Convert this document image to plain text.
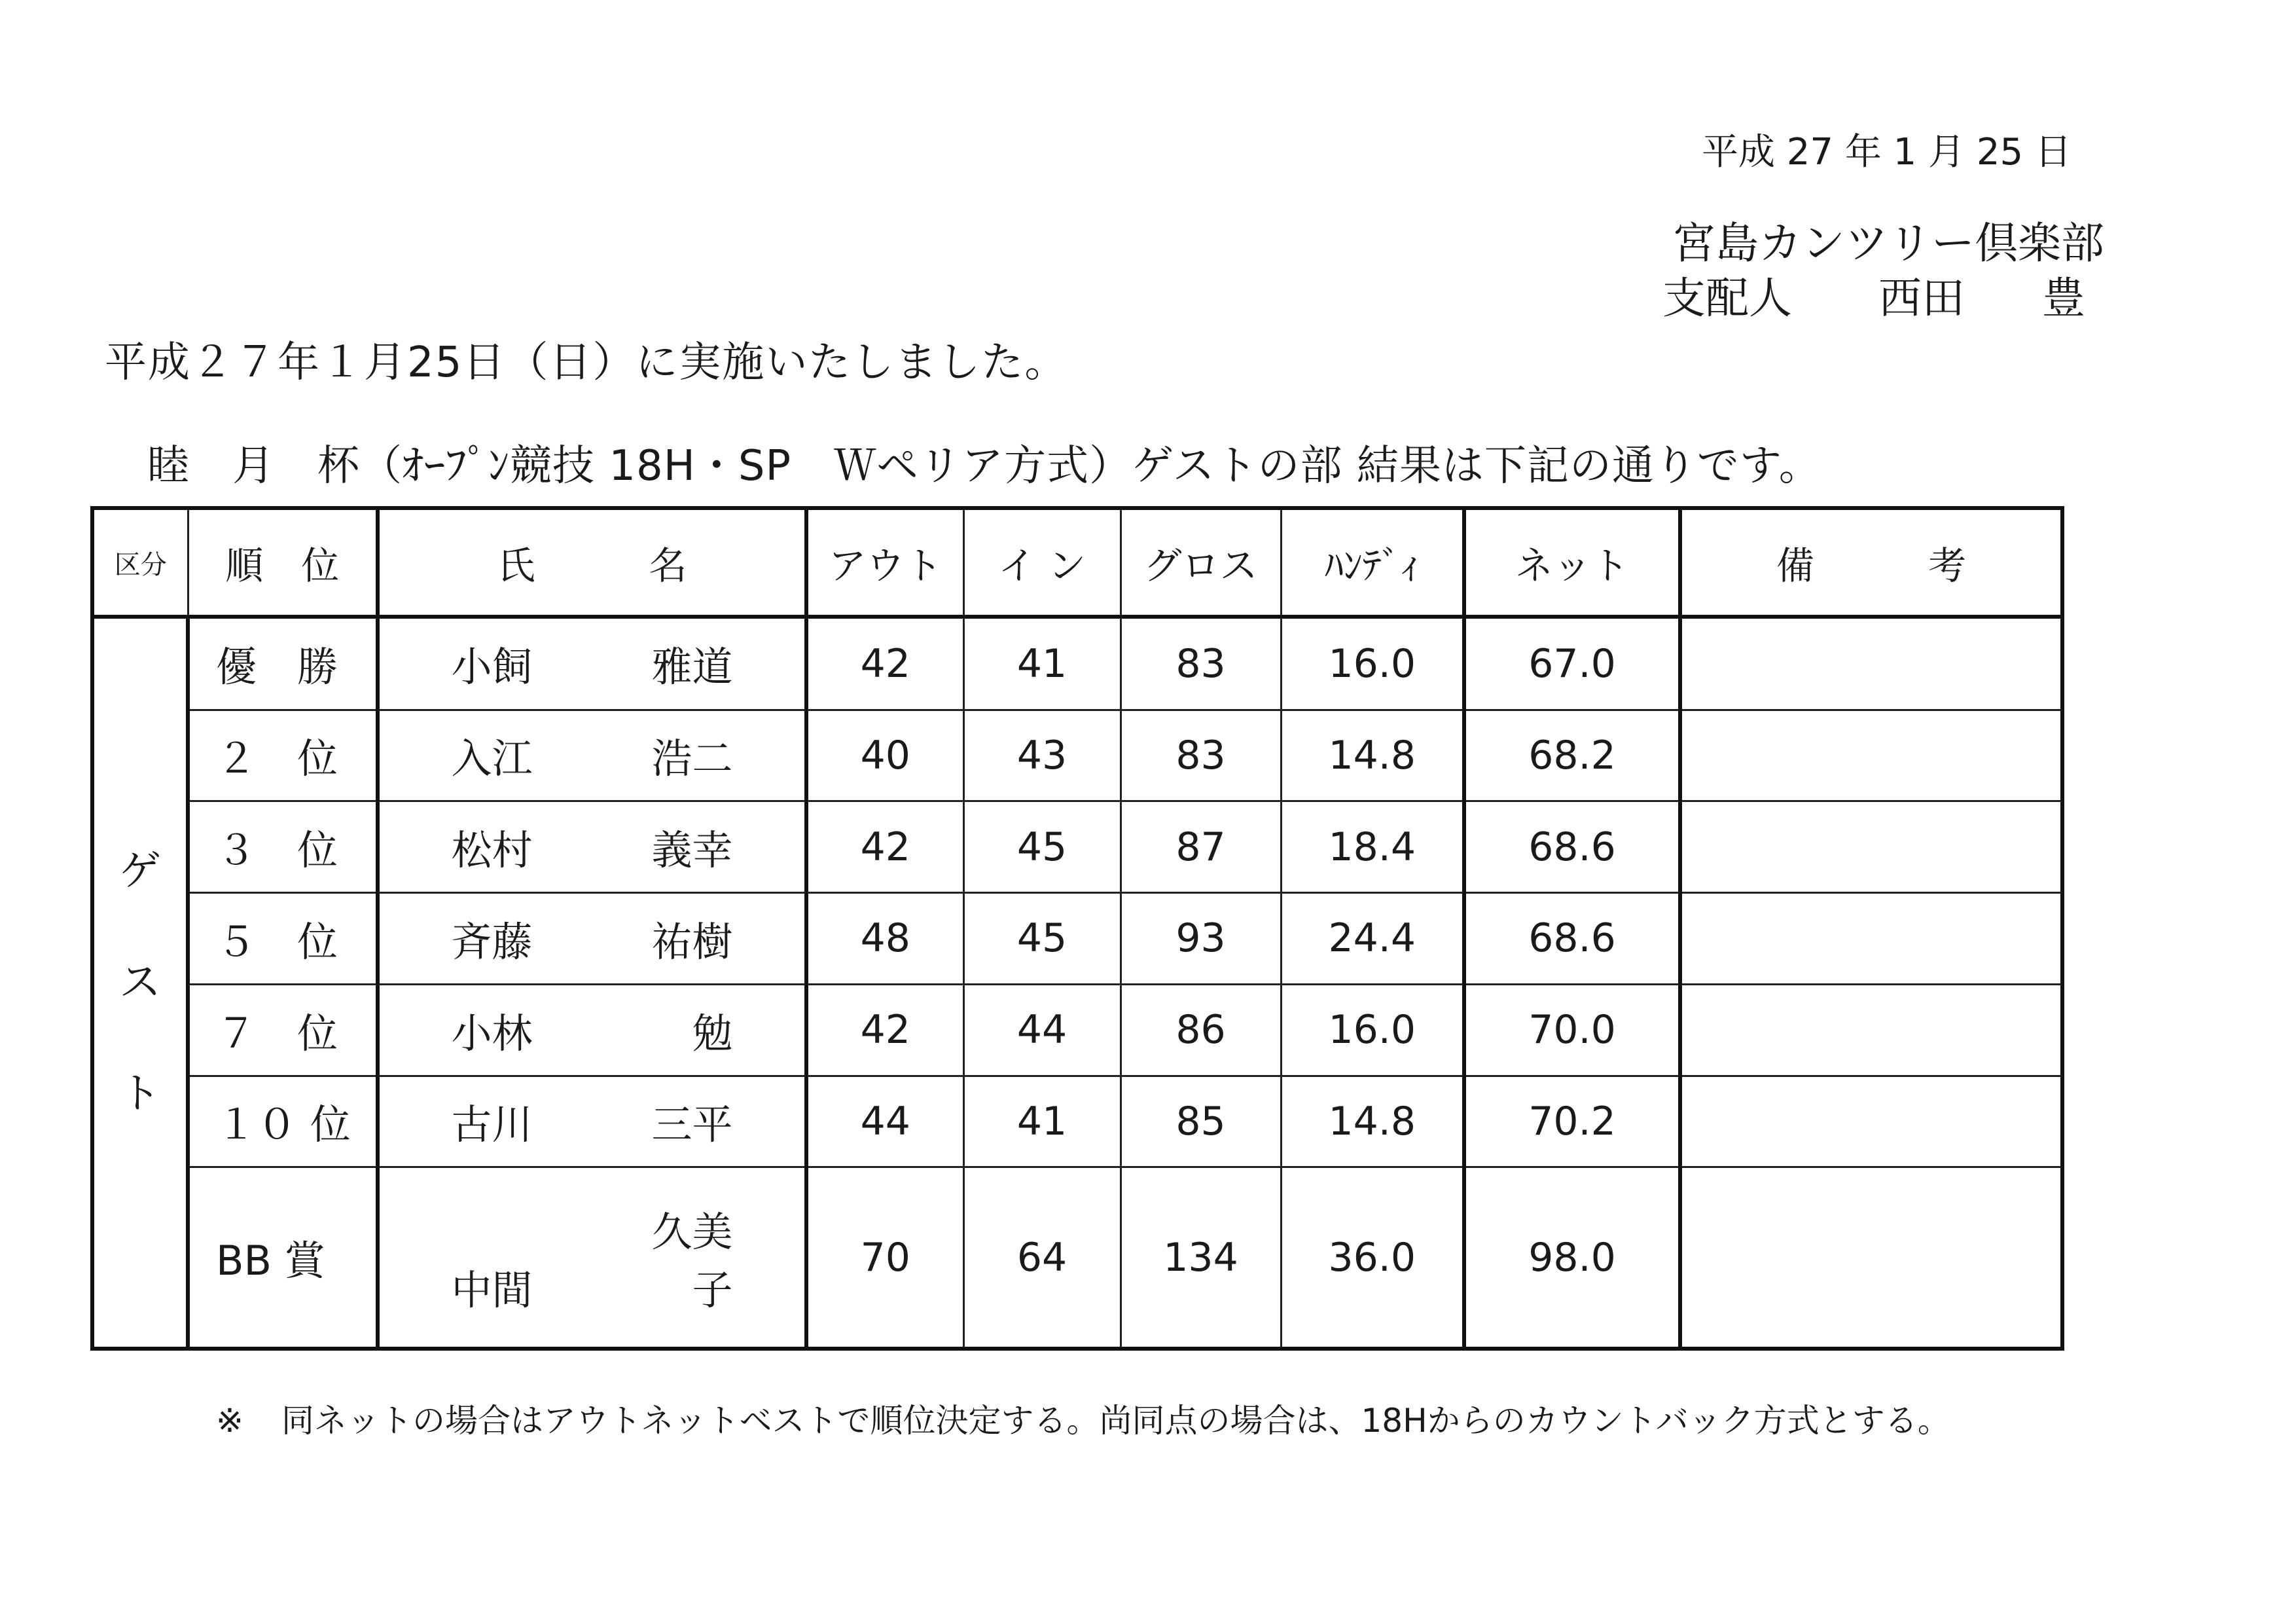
平成 27 年 1 月 25 日
宮島カンツリー倶楽部
支配人 西田 豊
平成２７年１月25日（日）に実施いたしました。
睦　月　杯（ｵｰﾌﾟﾝ競技 18H・SP　Ｗペリア方式）ゲストの部 結果は下記の通りです。
区分	順　位	氏　　　名	アウト	イ ン	グロス	ﾊﾝﾃﾞｨ	ネット	備　　　考

ゲ
ス
ト	優　勝	小飼 雅道	42	41	83	16.0	67.0	
	２　位	入江 浩二	40	43	83	14.8	68.2	
	３　位	松村 義幸	42	45	87	18.4	68.6	
	５　位	斉藤 祐樹	48	45	93	24.4	68.6	
	７　位	小林 勉	42	44	86	16.0	70.0	
	１０ 位	古川 三平	44	41	85	14.8	70.2	
	BB 賞	中間久美子	70	64	134	36.0	98.0	
※ 同ネットの場合はアウトネットベストで順位決定する。尚同点の場合は、18Hからのカウントバック方式とする。
